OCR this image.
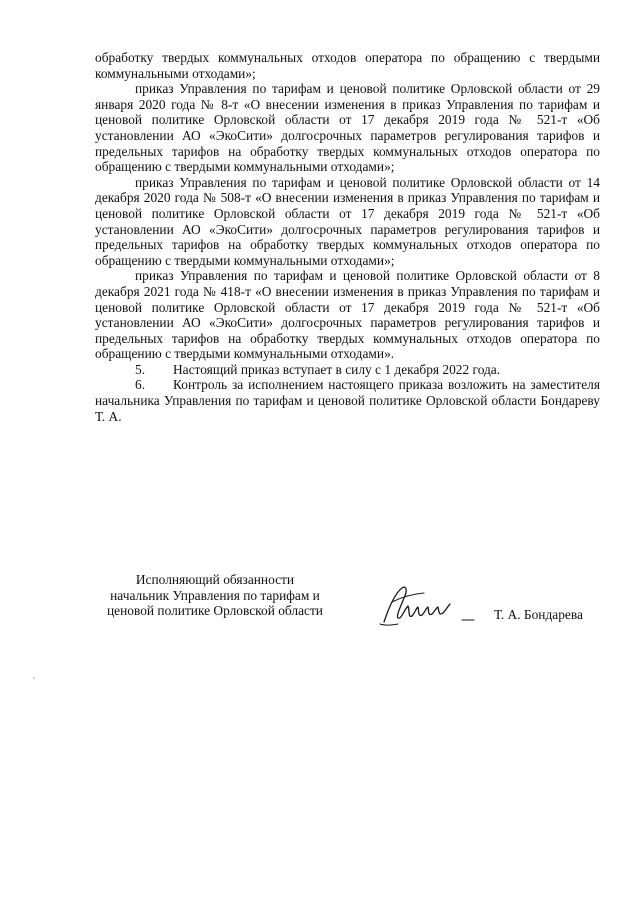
обработку твердых коммунальных отходов оператора по обращению с твердыми коммунальными отходами»;

приказ Управления по тарифам и ценовой политике Орловской области от 29 января 2020 года № 8-т «О внесении изменения в приказ Управления по тарифам и ценовой политике Орловской области от 17 декабря 2019 года № 521-т «Об установлении АО «ЭкоСити» долгосрочных параметров регулирования тарифов и предельных тарифов на обработку твердых коммунальных отходов оператора по обращению с твердыми коммунальными отходами»;

приказ Управления по тарифам и ценовой политике Орловской области от 14 декабря 2020 года № 508-т «О внесении изменения в приказ Управления по тарифам и ценовой политике Орловской области от 17 декабря 2019 года № 521-т «Об установлении АО «ЭкоСити» долгосрочных параметров регулирования тарифов и предельных тарифов на обработку твердых коммунальных отходов оператора по обращению с твердыми коммунальными отходами»;

приказ Управления по тарифам и ценовой политике Орловской области от 8 декабря 2021 года № 418-т «О внесении изменения в приказ Управления по тарифам и ценовой политике Орловской области от 17 декабря 2019 года № 521-т «Об установлении АО «ЭкоСити» долгосрочных параметров регулирования тарифов и предельных тарифов на обработку твердых коммунальных отходов оператора по обращению с твердыми коммунальными отходами».

5. Настоящий приказ вступает в силу с 1 декабря 2022 года.

6. Контроль за исполнением настоящего приказа возложить на заместителя начальника Управления по тарифам и ценовой политике Орловской области Бондареву Т. А.

Исполняющий обязанности
начальник Управления по тарифам и
ценовой политике Орловской области	Т. А. Бондарева
